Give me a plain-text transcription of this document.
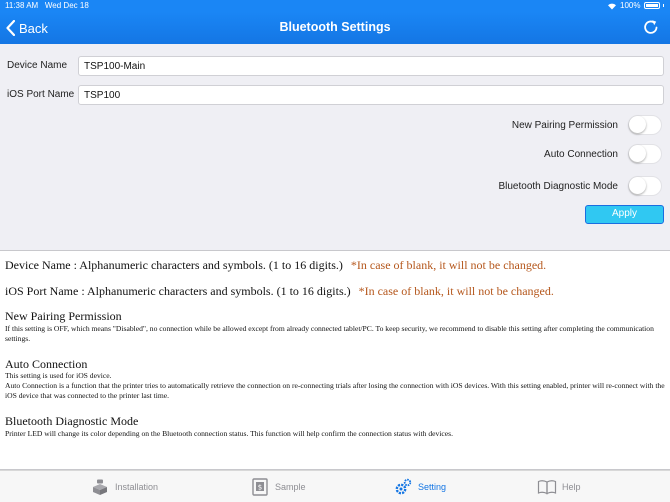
11:38 AM Wed Dec 18	100%
Back	Bluetooth Settings
Device Name
TSP100-Main
iOS Port Name
TSP100
New Pairing Permission
Auto Connection
Bluetooth Diagnostic Mode
Apply
Device Name : Alphanumeric characters and symbols. (1 to 16 digits.) *In case of blank, it will not be changed.
iOS Port Name : Alphanumeric characters and symbols. (1 to 16 digits.) *In case of blank, it will not be changed.
New Pairing Permission
If this setting is OFF, which means "Disabled", no connection while be allowed except from already connected tablet/PC. To keep security, we recommend to disable this setting after completing the communication settings.
Auto Connection
This setting is used for iOS device.
Auto Connection is a function that the printer tries to automatically retrieve the connection on re-connecting trials after losing the connection with iOS devices. With this setting enabled, printer will re-connect with the iOS device that was connected to the printer last time.
Bluetooth Diagnostic Mode
Printer LED will change its color depending on the Bluetooth connection status. This function will help confirm the connection status with devices.
Installation	$ Sample	Setting	Help
